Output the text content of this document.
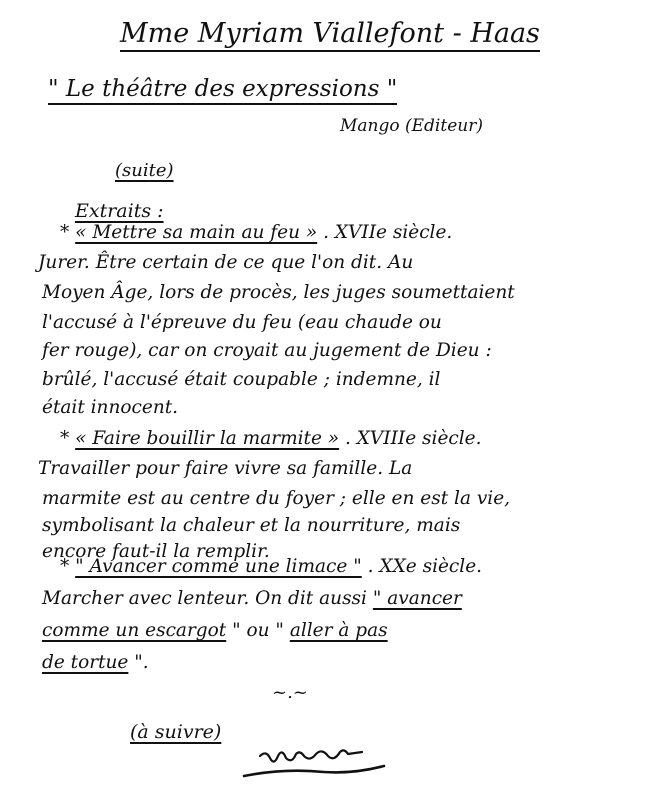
Mme Myriam Viallefont - Haas
" Le théâtre des expressions "
Mango (Editeur)
(suite)
Extraits :
* « Mettre sa main au feu » . XVIIe siècle.
Jurer. Être certain de ce que l'on dit. Au
Moyen Âge, lors de procès, les juges soumettaient
l'accusé à l'épreuve du feu (eau chaude ou
fer rouge), car on croyait au jugement de Dieu :
brûlé, l'accusé était coupable ; indemne, il
était innocent.
* « Faire bouillir la marmite » . XVIIIe siècle.
Travailler pour faire vivre sa famille. La
marmite est au centre du foyer ; elle en est la vie,
symbolisant la chaleur et la nourriture, mais
encore faut-il la remplir.
* " Avancer comme une limace " . XXe siècle.
Marcher avec lenteur. On dit aussi " avancer
comme un escargot " ou " aller à pas
de tortue ".
~.~
(à suivre)
